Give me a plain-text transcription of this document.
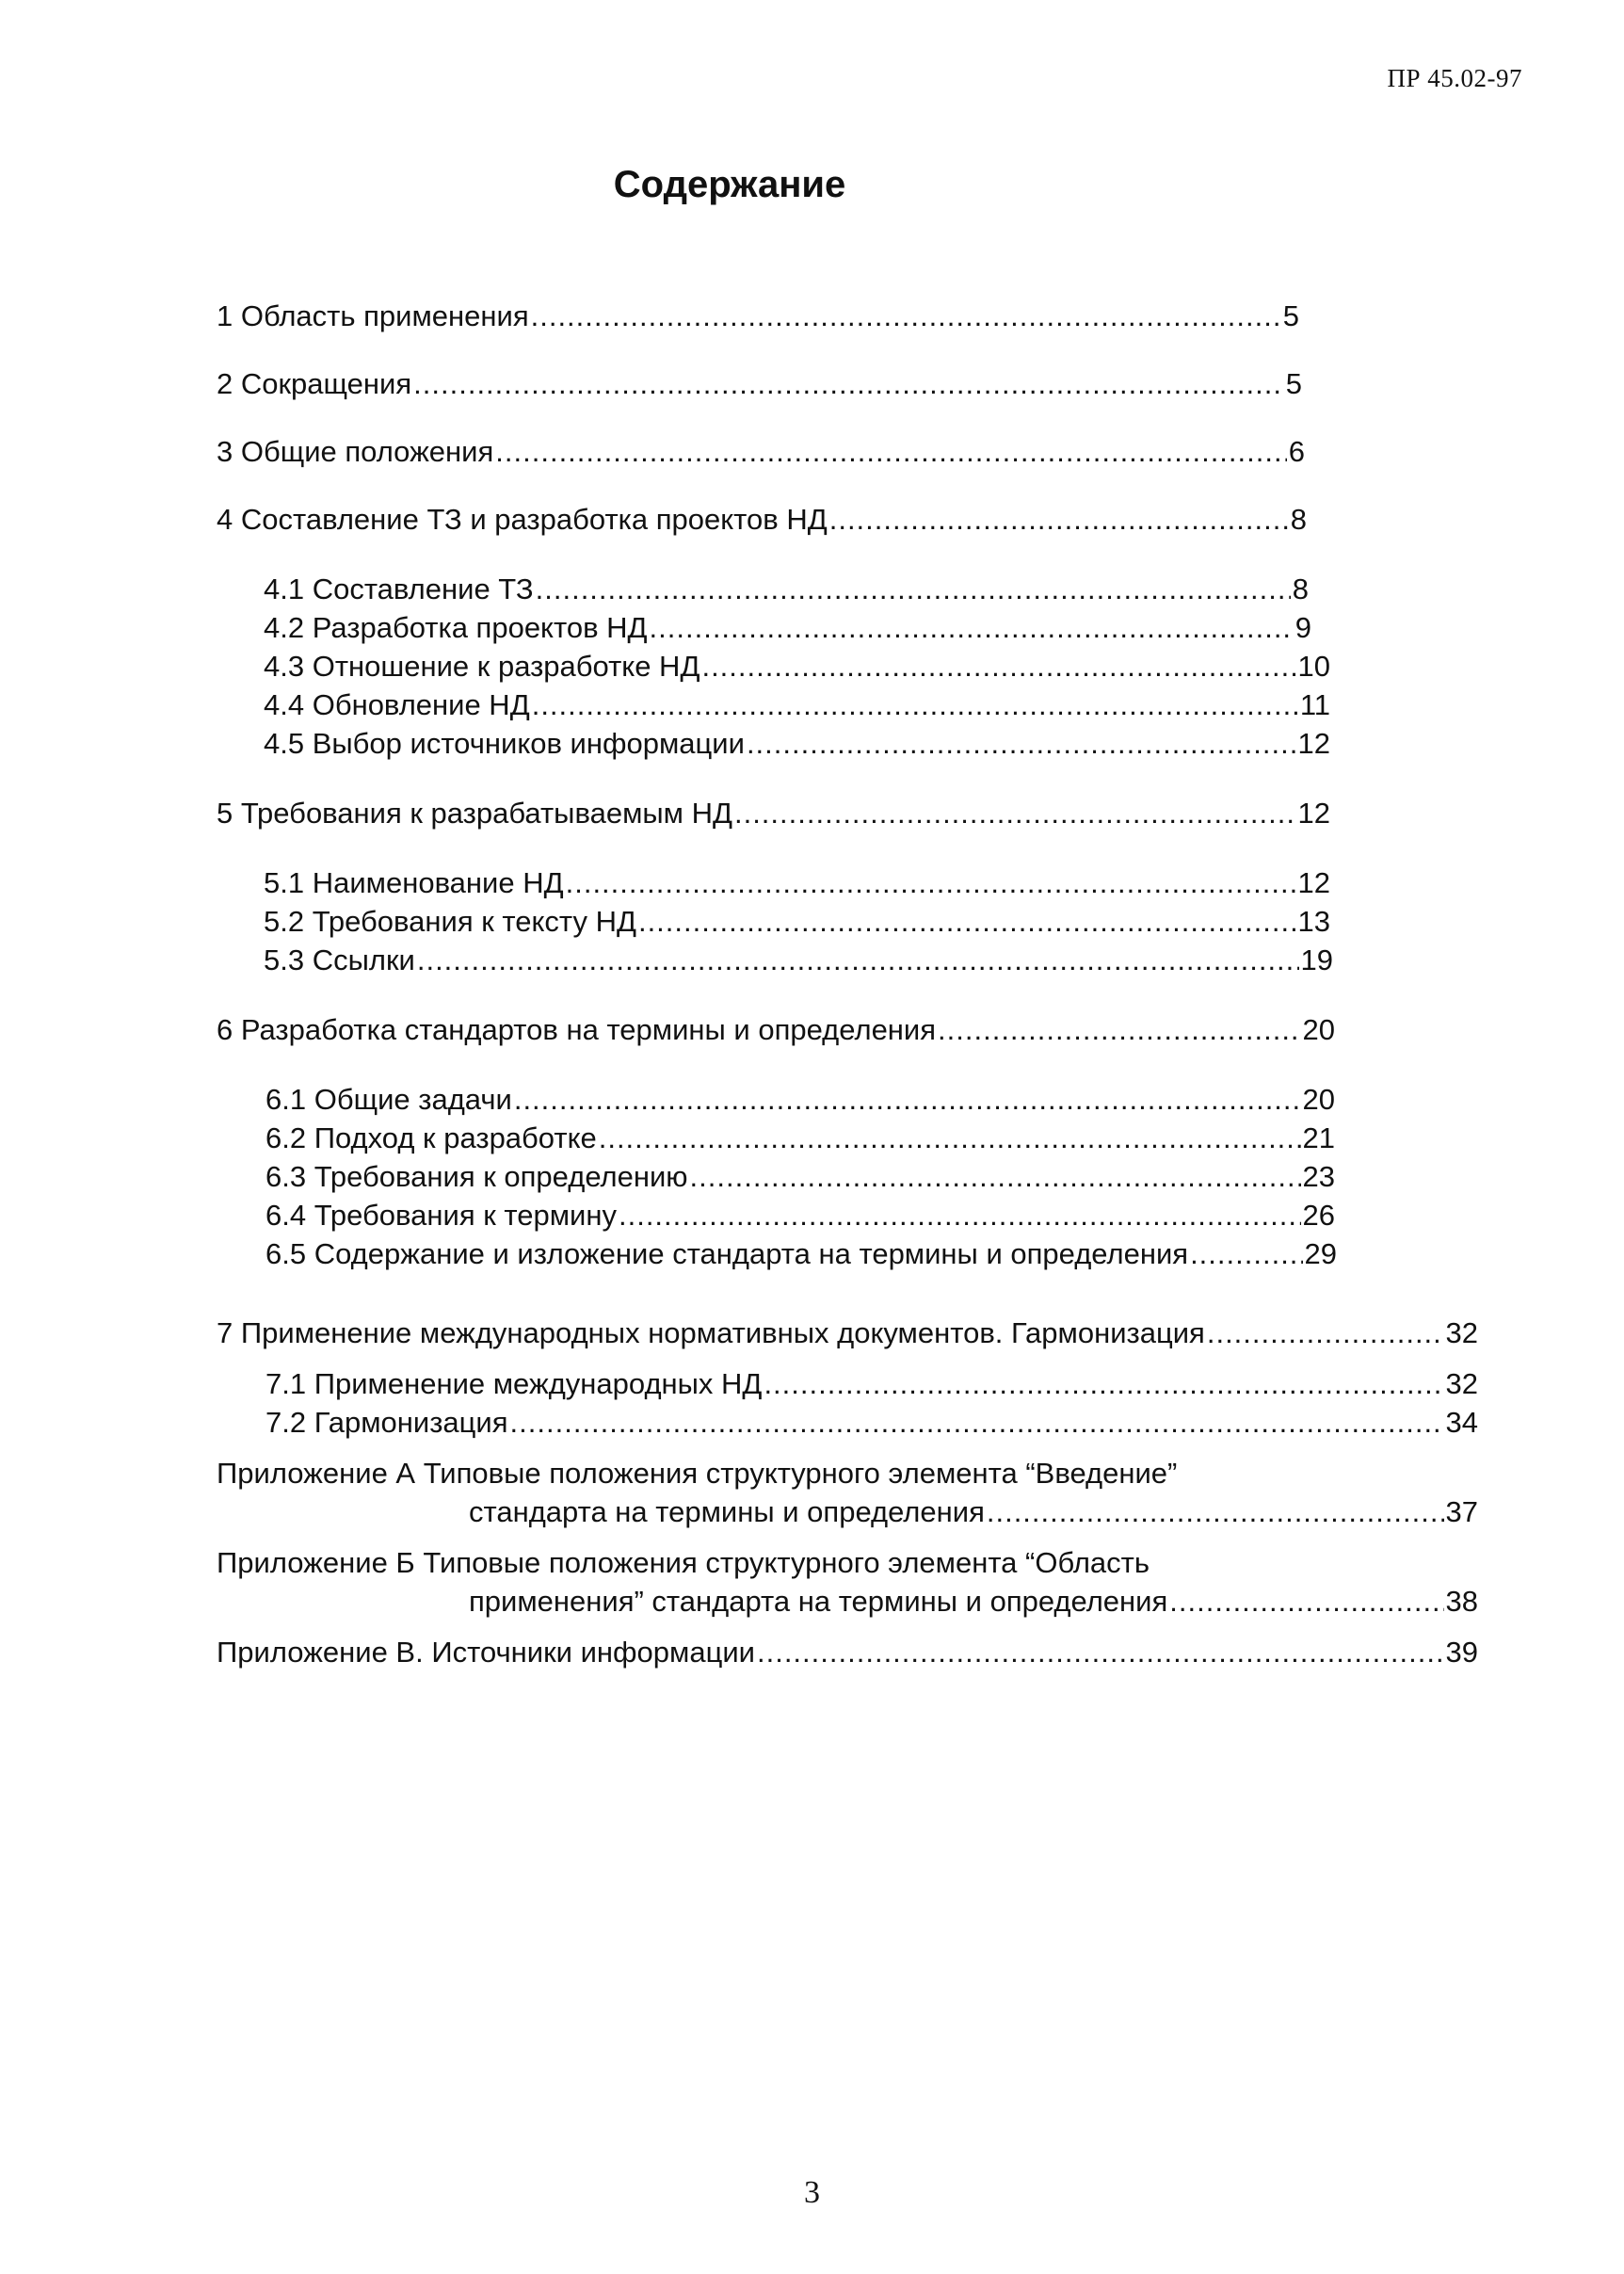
ПР 45.02-97
Содержание
1 Область применения .....	5
2 Сокращения .....	5
3 Общие положения .....	6
4 Составление ТЗ и разработка проектов НД .....	8
4.1 Составление ТЗ .....	8
4.2 Разработка проектов НД .....	9
4.3 Отношение к разработке НД .....	10
4.4 Обновление НД .....	11
4.5 Выбор источников информации .....	12
5 Требования к разрабатываемым НД .....	12
5.1 Наименование НД .....	12
5.2 Требования к тексту НД .....	13
5.3 Ссылки .....	19
6 Разработка стандартов на термины и определения .....	20
6.1 Общие задачи .....	20
6.2 Подход к разработке .....	21
6.3 Требования к определению .....	23
6.4 Требования к термину .....	26
6.5 Содержание и изложение стандарта на термины и определения .....	29
7 Применение международных нормативных документов. Гармонизация .....	32
7.1 Применение международных НД .....	32
7.2 Гармонизация .....	34
Приложение А Типовые положения структурного элемента “Введение”
стандарта на термины и определения .....	37
Приложение Б Типовые положения структурного элемента “Область
применения” стандарта на термины и определения .....	38
Приложение В. Источники информации .....	39
3
